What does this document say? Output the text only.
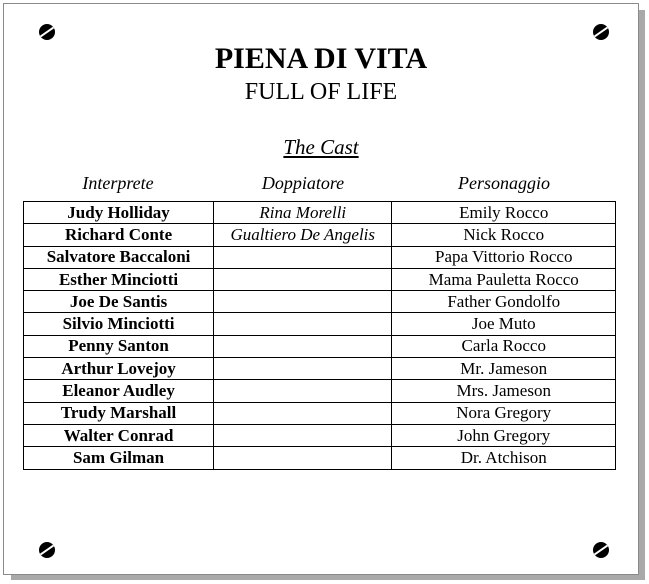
PIENA DI VITA
FULL OF LIFE
The Cast
Interprete	Doppiatore	Personaggio
Judy Holliday	Rina Morelli	Emily Rocco
Richard Conte	Gualtiero De Angelis	Nick Rocco
Salvatore Baccaloni		Papa Vittorio Rocco
Esther Minciotti		Mama Pauletta Rocco
Joe De Santis		Father Gondolfo
Silvio Minciotti		Joe Muto
Penny Santon		Carla Rocco
Arthur Lovejoy		Mr. Jameson
Eleanor Audley		Mrs. Jameson
Trudy Marshall		Nora Gregory
Walter Conrad		John Gregory
Sam Gilman		Dr. Atchison
